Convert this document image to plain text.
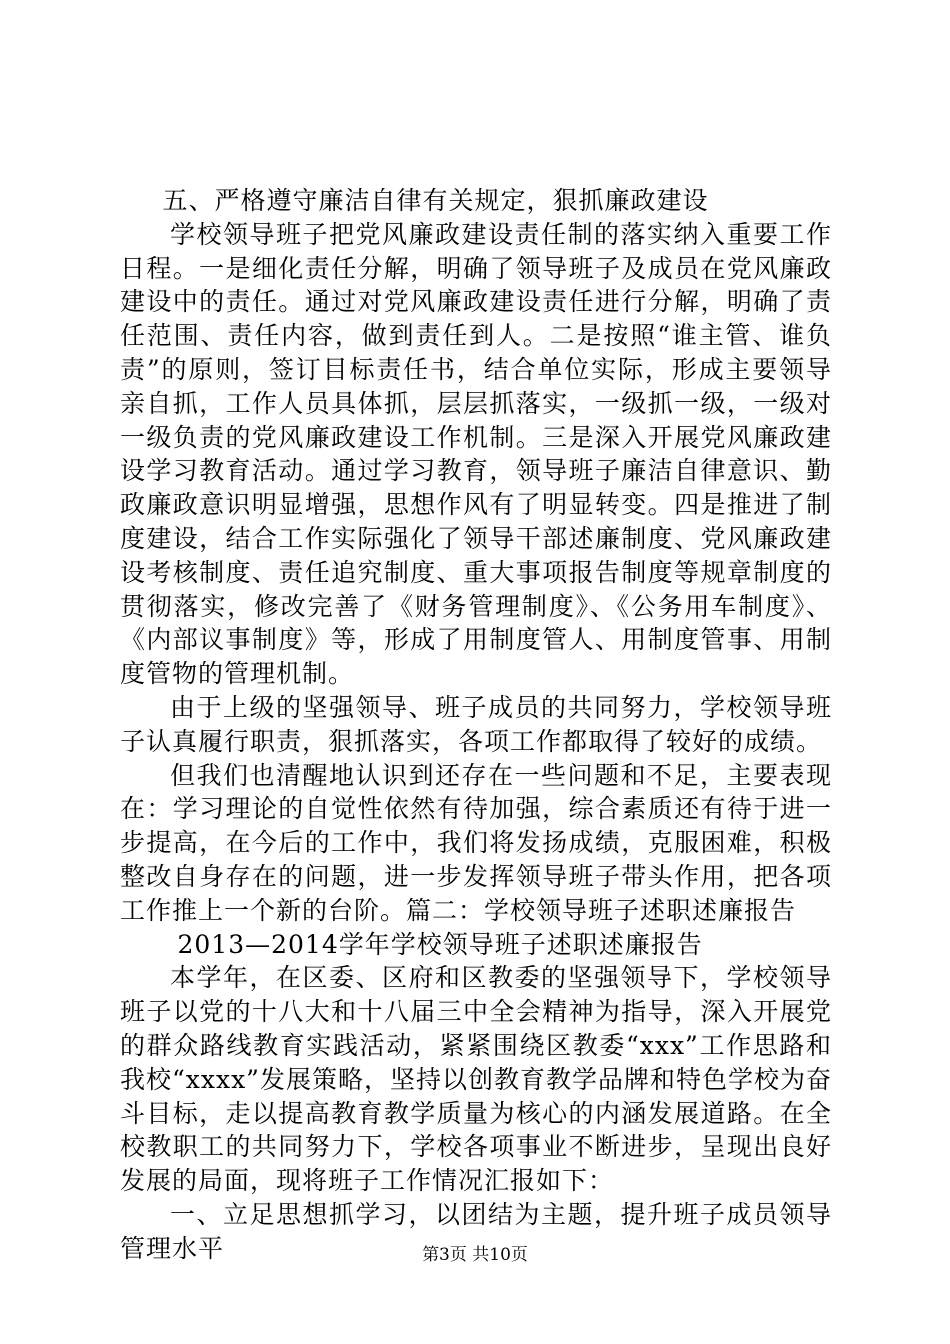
五、严格遵守廉洁自律有关规定，狠抓廉政建设

学校领导班子把党风廉政建设责任制的落实纳入重要工作日程。一是细化责任分解，明确了领导班子及成员在党风廉政建设中的责任。通过对党风廉政建设责任进行分解，明确了责任范围、责任内容，做到责任到人。二是按照“谁主管、谁负责”的原则，签订目标责任书，结合单位实际，形成主要领导亲自抓，工作人员具体抓，层层抓落实，一级抓一级，一级对一级负责的党风廉政建设工作机制。三是深入开展党风廉政建设学习教育活动。通过学习教育，领导班子廉洁自律意识、勤政廉政意识明显增强，思想作风有了明显转变。四是推进了制度建设，结合工作实际强化了领导干部述廉制度、党风廉政建设考核制度、责任追究制度、重大事项报告制度等规章制度的贯彻落实，修改完善了《财务管理制度》、《公务用车制度》、《内部议事制度》等，形成了用制度管人、用制度管事、用制度管物的管理机制。

由于上级的坚强领导、班子成员的共同努力，学校领导班子认真履行职责，狠抓落实，各项工作都取得了较好的成绩。

但我们也清醒地认识到还存在一些问题和不足，主要表现在：学习理论的自觉性依然有待加强，综合素质还有待于进一步提高，在今后的工作中，我们将发扬成绩，克服困难，积极整改自身存在的问题，进一步发挥领导班子带头作用，把各项工作推上一个新的台阶。篇二：学校领导班子述职述廉报告

2013—2014学年学校领导班子述职述廉报告

本学年，在区委、区府和区教委的坚强领导下，学校领导班子以党的十八大和十八届三中全会精神为指导，深入开展党的群众路线教育实践活动，紧紧围绕区教委“xxx”工作思路和我校“xxxx”发展策略，坚持以创教育教学品牌和特色学校为奋斗目标，走以提高教育教学质量为核心的内涵发展道路。在全校教职工的共同努力下，学校各项事业不断进步，呈现出良好发展的局面，现将班子工作情况汇报如下：

一、立足思想抓学习，以团结为主题，提升班子成员领导管理水平	第3页 共10页
